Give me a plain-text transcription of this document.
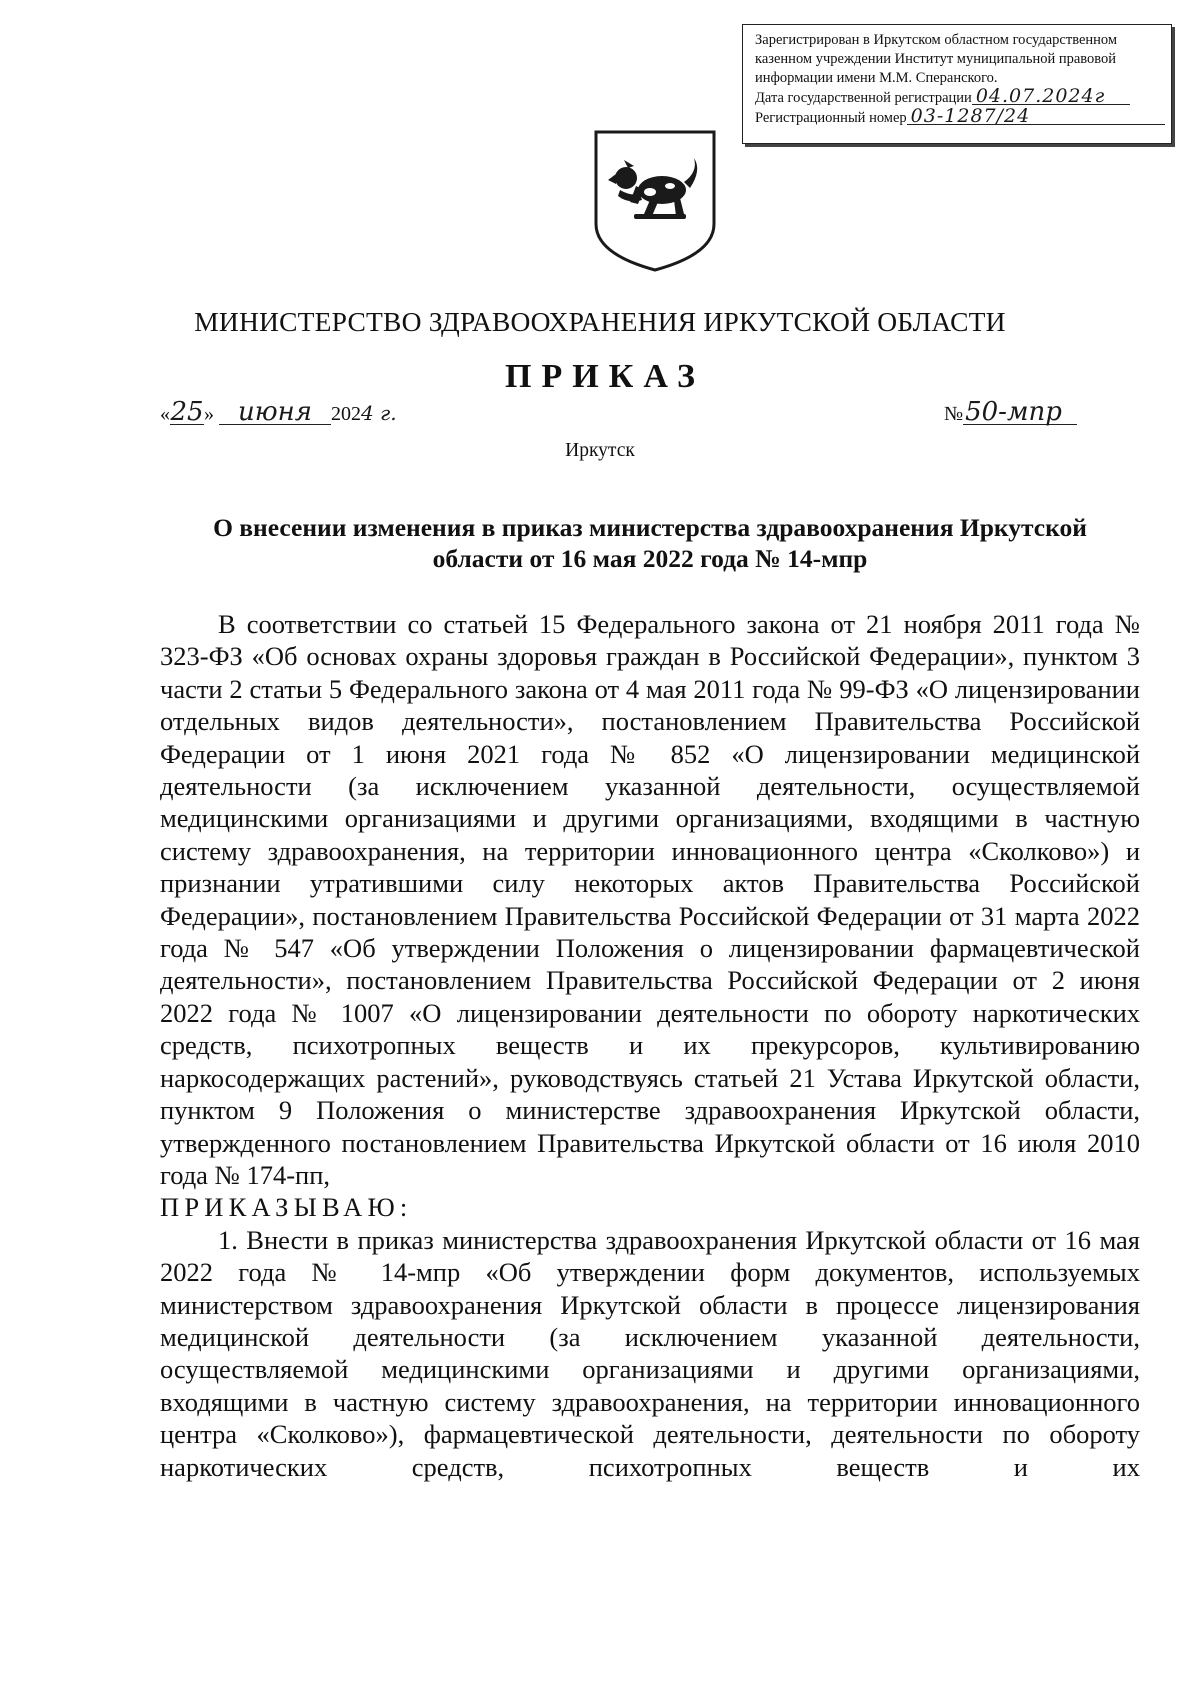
Зарегистрирован в Иркутском областном государственном
казенном учреждении Институт муниципальной правовой
информации имени М.М. Сперанского.
Дата государственной регистрации 04.07.2024г
Регистрационный номер 03-1287/24
МИНИСТЕРСТВО ЗДРАВООХРАНЕНИЯ ИРКУТСКОЙ ОБЛАСТИ
ПРИКАЗ
«25» июня 2024 г.	№50-мпр
Иркутск
О внесении изменения в приказ министерства здравоохранения Иркутской
области от 16 мая 2022 года № 14-мпр

В соответствии со статьей 15 Федерального закона от 21 ноября 2011 года № 323-ФЗ «Об основах охраны здоровья граждан в Российской Федерации», пунктом 3 части 2 статьи 5 Федерального закона от 4 мая 2011 года № 99-ФЗ «О лицензировании отдельных видов деятельности», постановлением Правительства Российской Федерации от 1 июня 2021 года № 852 «О лицензировании медицинской деятельности (за исключением указанной деятельности, осуществляемой медицинскими организациями и другими организациями, входящими в частную систему здравоохранения, на территории инновационного центра «Сколково») и признании утратившими силу некоторых актов Правительства Российской Федерации», постановлением Правительства Российской Федерации от 31 марта 2022 года № 547 «Об утверждении Положения о лицензировании фармацевтической деятельности», постановлением Правительства Российской Федерации от 2 июня 2022 года № 1007 «О лицензировании деятельности по обороту наркотических средств, психотропных веществ и их прекурсоров, культивированию наркосодержащих растений», руководствуясь статьей 21 Устава Иркутской области, пунктом 9 Положения о министерстве здравоохранения Иркутской области, утвержденного постановлением Правительства Иркутской области от 16 июля 2010 года № 174-пп,

ПРИКАЗЫВАЮ:

1. Внести в приказ министерства здравоохранения Иркутской области от 16 мая 2022 года № 14-мпр «Об утверждении форм документов, используемых министерством здравоохранения Иркутской области в процессе лицензирования медицинской деятельности (за исключением указанной деятельности, осуществляемой медицинскими организациями и другими организациями, входящими в частную систему здравоохранения, на территории инновационного центра «Сколково»), фармацевтической деятельности, деятельности по обороту наркотических средств, психотропных веществ и их
